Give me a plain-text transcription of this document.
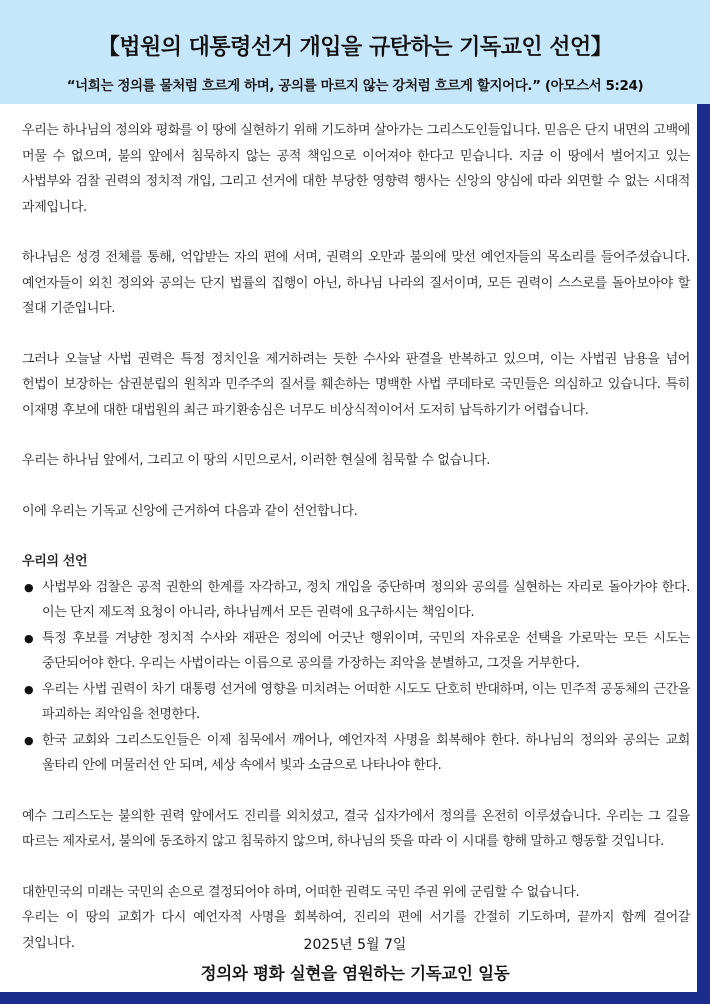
【법원의 대통령선거 개입을 규탄하는 기독교인 선언】
“너희는 정의를 물처럼 흐르게 하며, 공의를 마르지 않는 강처럼 흐르게 할지어다.” (아모스서 5:24)

우리는 하나님의 정의와 평화를 이 땅에 실현하기 위해 기도하며 살아가는 그리스도인들입니다. 믿음은 단지 내면의 고백에 머물 수 없으며, 불의 앞에서 침묵하지 않는 공적 책임으로 이어져야 한다고 믿습니다. 지금 이 땅에서 벌어지고 있는 사법부와 검찰 권력의 정치적 개입, 그리고 선거에 대한 부당한 영향력 행사는 신앙의 양심에 따라 외면할 수 없는 시대적 과제입니다.

하나님은 성경 전체를 통해, 억압받는 자의 편에 서며, 권력의 오만과 불의에 맞선 예언자들의 목소리를 들어주셨습니다. 예언자들이 외친 정의와 공의는 단지 법률의 집행이 아닌, 하나님 나라의 질서이며, 모든 권력이 스스로를 돌아보아야 할 절대 기준입니다.

그러나 오늘날 사법 권력은 특정 정치인을 제거하려는 듯한 수사와 판결을 반복하고 있으며, 이는 사법권 남용을 넘어 헌법이 보장하는 삼권분립의 원칙과 민주주의 질서를 훼손하는 명백한 사법 쿠데타로 국민들은 의심하고 있습니다. 특히 이재명 후보에 대한 대법원의 최근 파기환송심은 너무도 비상식적이어서 도저히 납득하기가 어렵습니다.

우리는 하나님 앞에서, 그리고 이 땅의 시민으로서, 이러한 현실에 침묵할 수 없습니다.

이에 우리는 기독교 신앙에 근거하여 다음과 같이 선언합니다.

우리의 선언
● 사법부와 검찰은 공적 권한의 한계를 자각하고, 정치 개입을 중단하며 정의와 공의를 실현하는 자리로 돌아가야 한다. 이는 단지 제도적 요청이 아니라, 하나님께서 모든 권력에 요구하시는 책임이다.
● 특정 후보를 겨냥한 정치적 수사와 재판은 정의에 어긋난 행위이며, 국민의 자유로운 선택을 가로막는 모든 시도는 중단되어야 한다. 우리는 사법이라는 이름으로 공의를 가장하는 죄악을 분별하고, 그것을 거부한다.
● 우리는 사법 권력이 차기 대통령 선거에 영향을 미치려는 어떠한 시도도 단호히 반대하며, 이는 민주적 공동체의 근간을 파괴하는 죄악임을 천명한다.
● 한국 교회와 그리스도인들은 이제 침묵에서 깨어나, 예언자적 사명을 회복해야 한다. 하나님의 정의와 공의는 교회 울타리 안에 머물러선 안 되며, 세상 속에서 빛과 소금으로 나타나야 한다.

예수 그리스도는 불의한 권력 앞에서도 진리를 외치셨고, 결국 십자가에서 정의를 온전히 이루셨습니다. 우리는 그 길을 따르는 제자로서, 불의에 동조하지 않고 침묵하지 않으며, 하나님의 뜻을 따라 이 시대를 향해 말하고 행동할 것입니다.

대한민국의 미래는 국민의 손으로 결정되어야 하며, 어떠한 권력도 국민 주권 위에 군림할 수 없습니다.

우리는 이 땅의 교회가 다시 예언자적 사명을 회복하여, 진리의 편에 서기를 간절히 기도하며, 끝까지 함께 걸어갈 것입니다.	2025년 5월 7일
정의와 평화 실현을 염원하는 기독교인 일동
